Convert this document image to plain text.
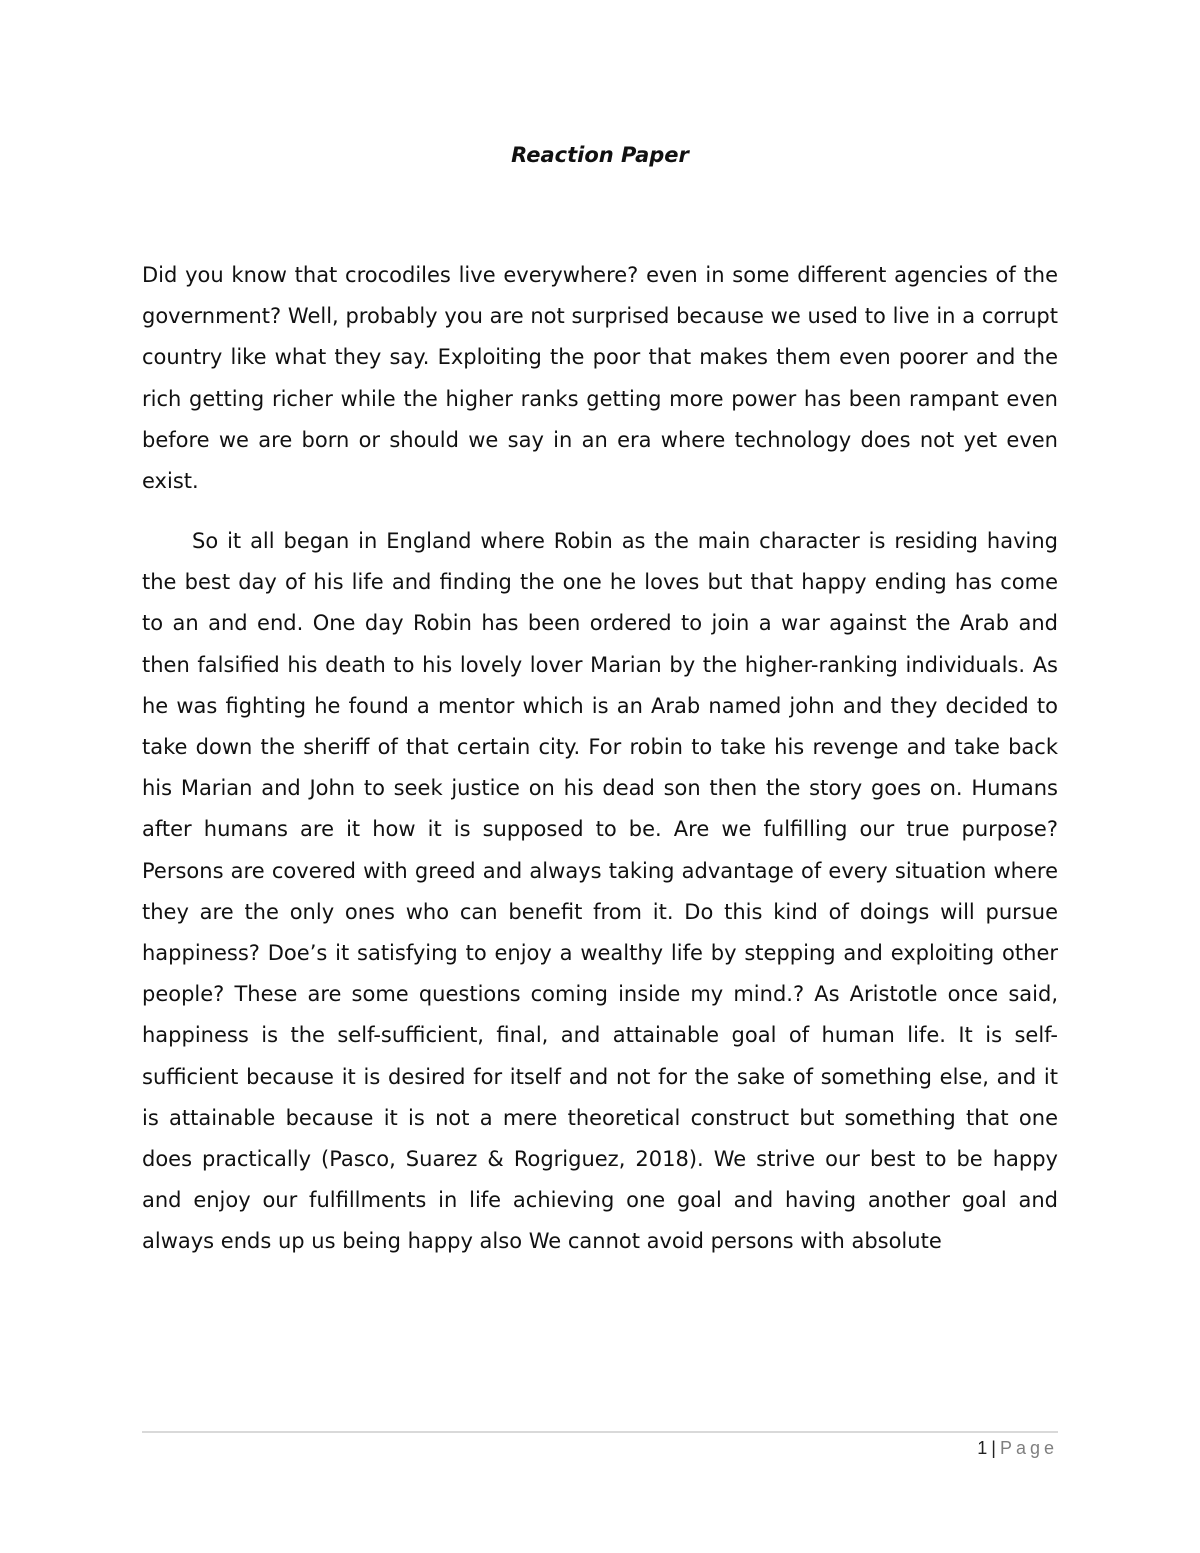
Reaction Paper

Did you know that crocodiles live everywhere? even in some different agencies of the government? Well, probably you are not surprised because we used to live in a corrupt country like what they say. Exploiting the poor that makes them even poorer and the rich getting richer while the higher ranks getting more power has been rampant even before we are born or should we say in an era where technology does not yet even exist.

So it all began in England where Robin as the main character is residing having the best day of his life and finding the one he loves but that happy ending has come to an and end. One day Robin has been ordered to join a war against the Arab and then falsified his death to his lovely lover Marian by the higher-ranking individuals. As he was fighting he found a mentor which is an Arab named john and they decided to take down the sheriff of that certain city. For robin to take his revenge and take back his Marian and John to seek justice on his dead son then the story goes on. Humans after humans are it how it is supposed to be. Are we fulfilling our true purpose? Persons are covered with greed and always taking advantage of every situation where they are the only ones who can benefit from it. Do this kind of doings will pursue happiness? Doe’s it satisfying to enjoy a wealthy life by stepping and exploiting other people? These are some questions coming inside my mind.? As Aristotle once said, happiness is the self-sufficient, final, and attainable goal of human life. It is self-sufficient because it is desired for itself and not for the sake of something else, and it is attainable because it is not a mere theoretical construct but something that one does practically (Pasco, Suarez & Rogriguez, 2018). We strive our best to be happy and enjoy our fulfillments in life achieving one goal and having another goal and always ends up us being happy also We cannot avoid persons with absolute

1 | Page
